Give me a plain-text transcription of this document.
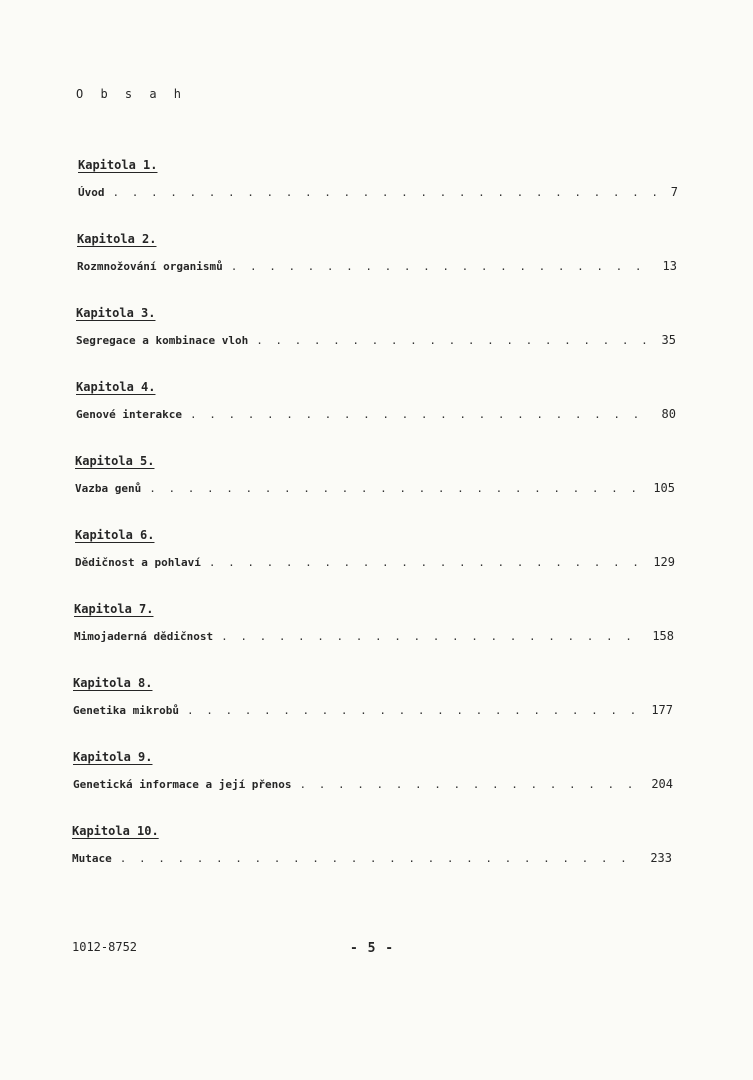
O b s a h
Kapitola 1.
Úvod . . .	7
Kapitola 2.
Rozmnožování organismů . . .	13
Kapitola 3.
Segregace a kombinace vloh . . .	35
Kapitola 4.
Genové interakce . . .	80
Kapitola 5.
Vazba genů . . .	105
Kapitola 6.
Dědičnost a pohlaví . . .	129
Kapitola 7.
Mimojaderná dědičnost . . .	158
Kapitola 8.
Genetika mikrobů . . .	177
Kapitola 9.
Genetická informace a její přenos . . .	204
Kapitola 10.
Mutace . . .	233
1012-8752	- 5 -
